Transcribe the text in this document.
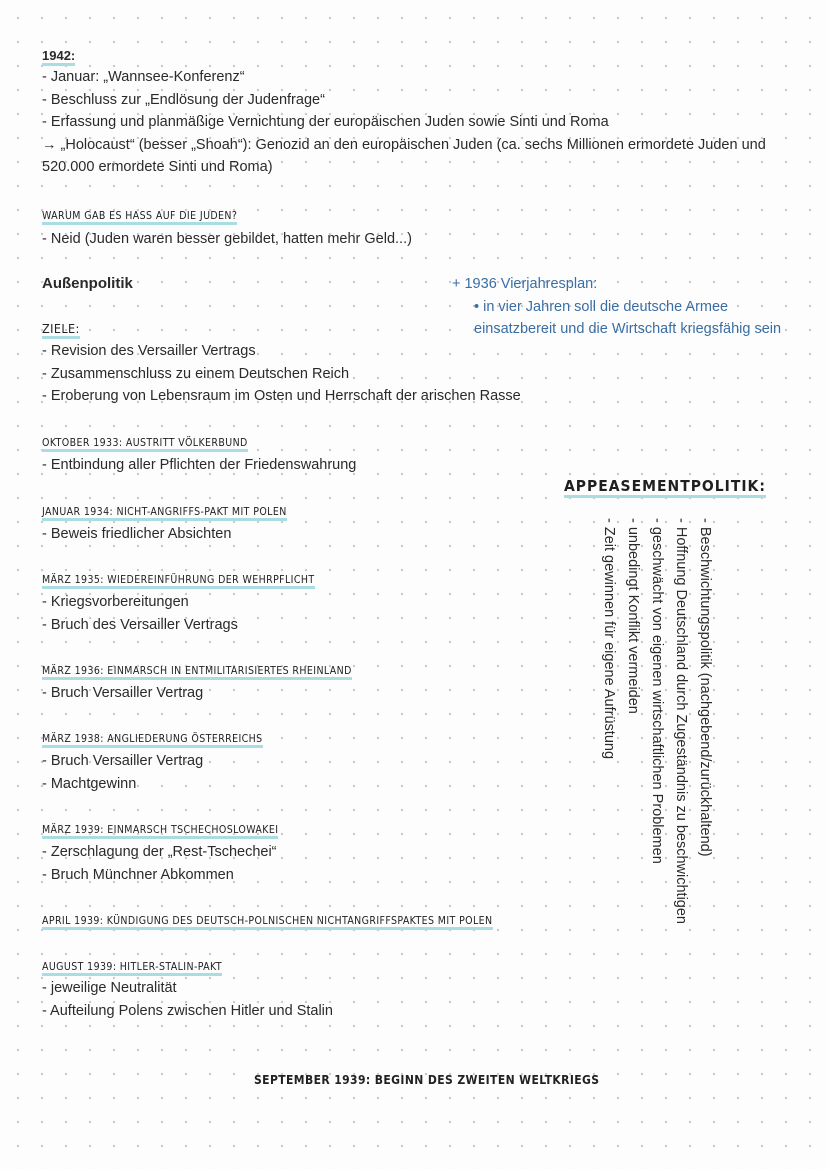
1942:
- Januar: „Wannsee-Konferenz“
- Beschluss zur „Endlösung der Judenfrage“
- Erfassung und planmäßige Vernichtung der europäischen Juden sowie Sinti und Roma
→ „Holocaust“ (besser „Shoah“): Genozid an den europäischen Juden (ca. sechs Millionen ermordete Juden und
520.000 ermordete Sinti und Roma)
WARUM GAB ES HASS AUF DIE JUDEN?
- Neid (Juden waren besser gebildet, hatten mehr Geld...)
Außenpolitik	+ 1936 Vierjahresplan:
• in vier Jahren soll die deutsche Armee
einsatzbereit und die Wirtschaft kriegsfähig sein
ZIELE:
- Revision des Versailler Vertrags
- Zusammenschluss zu einem Deutschen Reich
- Eroberung von Lebensraum im Osten und Herrschaft der arischen Rasse
OKTOBER 1933: AUSTRITT VÖLKERBUND
- Entbindung aller Pflichten der Friedenswahrung
JANUAR 1934: NICHT-ANGRIFFS-PAKT MIT POLEN
- Beweis friedlicher Absichten
MÄRZ 1935: WIEDEREINFÜHRUNG DER WEHRPFLICHT
- Kriegsvorbereitungen
- Bruch des Versailler Vertrags
MÄRZ 1936: EINMARSCH IN ENTMILITARISIERTES RHEINLAND
- Bruch Versailler Vertrag
MÄRZ 1938: ANGLIEDERUNG ÖSTERREICHS
- Bruch Versailler Vertrag
- Machtgewinn
MÄRZ 1939: EINMARSCH TSCHECHOSLOWAKEI
- Zerschlagung der „Rest-Tschechei“
- Bruch Münchner Abkommen
APRIL 1939: KÜNDIGUNG DES DEUTSCH-POLNISCHEN NICHTANGRIFFSPAKTES MIT POLEN
AUGUST 1939: HITLER-STALIN-PAKT
- jeweilige Neutralität
- Aufteilung Polens zwischen Hitler und Stalin
APPEASEMENTPOLITIK:
- Beschwichtungspolitik (nachgebend/zurückhaltend)
- Hoffnung Deutschland durch Zugeständnis zu beschwichtigen
- geschwächt von eigenen wirtschaftlichen Problemen
- unbedingt Konflikt vermeiden
- Zeit gewinnen für eigene Aufrüstung
SEPTEMBER 1939: BEGINN DES ZWEITEN WELTKRIEGS
